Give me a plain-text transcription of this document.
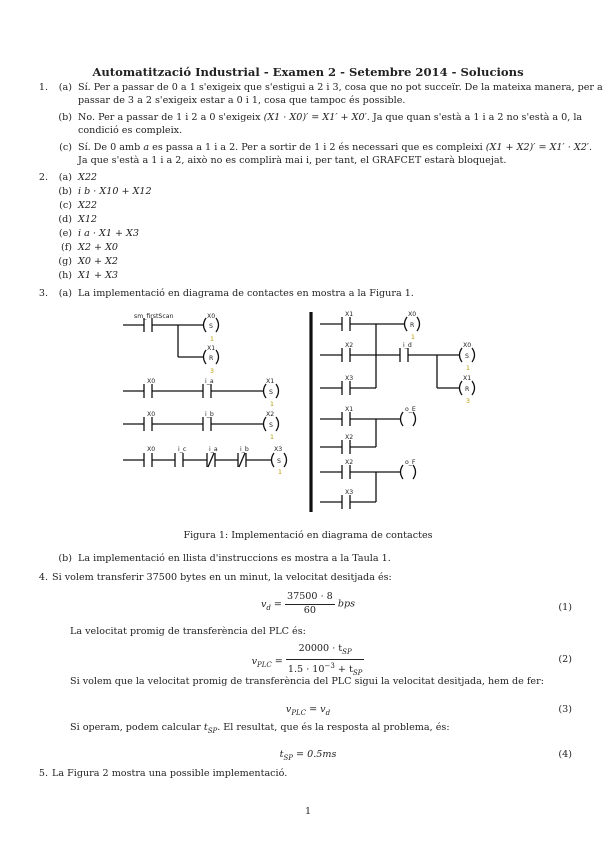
Automatització Industrial - Examen 2 - Setembre 2014 - Solucions
1.	(a) Sí. Per a passar de 0 a 1 s'exigeix que s'estigui a 2 i 3, cosa que no pot succeïr. De la mateixa manera, per a
passar de 3 a 2 s'exigeix estar a 0 i 1, cosa que tampoc és possible.
(b) No. Per a passar de 1 i 2 a 0 s'exigeix (X1 · X0)′ = X1′ + X0′. Ja que quan s'està a 1 i a 2 no s'està a 0, la
condició es compleix.
(c) Sí. De 0 amb a es passa a 1 i a 2. Per a sortir de 1 i 2 és necessari que es compleixi (X1 + X2)′ = X1′ · X2′.
Ja que s'està a 1 i a 2, això no es complirà mai i, per tant, el GRAFCET estarà bloquejat.
2.	(a) X22
(b) i b · X10 + X12
(c) X22
(d) X12
(e) i a · X1 + X3
(f) X2 + X0
(g) X0 + X2
(h) X1 + X3
3.	(a) La implementació en diagrama de contactes en mostra a la Figura 1.
sm_firstScan	X0
S
1
X1
R
3
X0	i_a	X1
S
1
X0	i_b	X2
S
1
X0	i_c	i_a	i_b	X3
S
1
X1	X0
R
1
X2	i_d	X0
S
1
X1
R
3
X3
X1	o_E
X2
X2	o_F
X3
Figura 1: Implementació en diagrama de contactes
(b) La implementació en llista d'instruccions es mostra a la Taula 1.
4. Si volem transferir 37500 bytes en un minut, la velocitat desitjada és:
$v_d = \frac{37500 \cdot 8}{60}$ bps	(1)
La velocitat promig de transferència del PLC és:
$v_{PLC} = \frac{20000 \cdot t_{SP}}{1.5 \cdot 10^{-3} + t_{SP}}$	(2)
Si volem que la velocitat promig de transferència del PLC sigui la velocitat desitjada, hem de fer:
$v_{PLC} = v_d$	(3)
Si operam, podem calcular $t_{SP}$. El resultat, que és la resposta al problema, és:
$t_{SP} = 0.5ms$	(4)
5. La Figura 2 mostra una possible implementació.
1
